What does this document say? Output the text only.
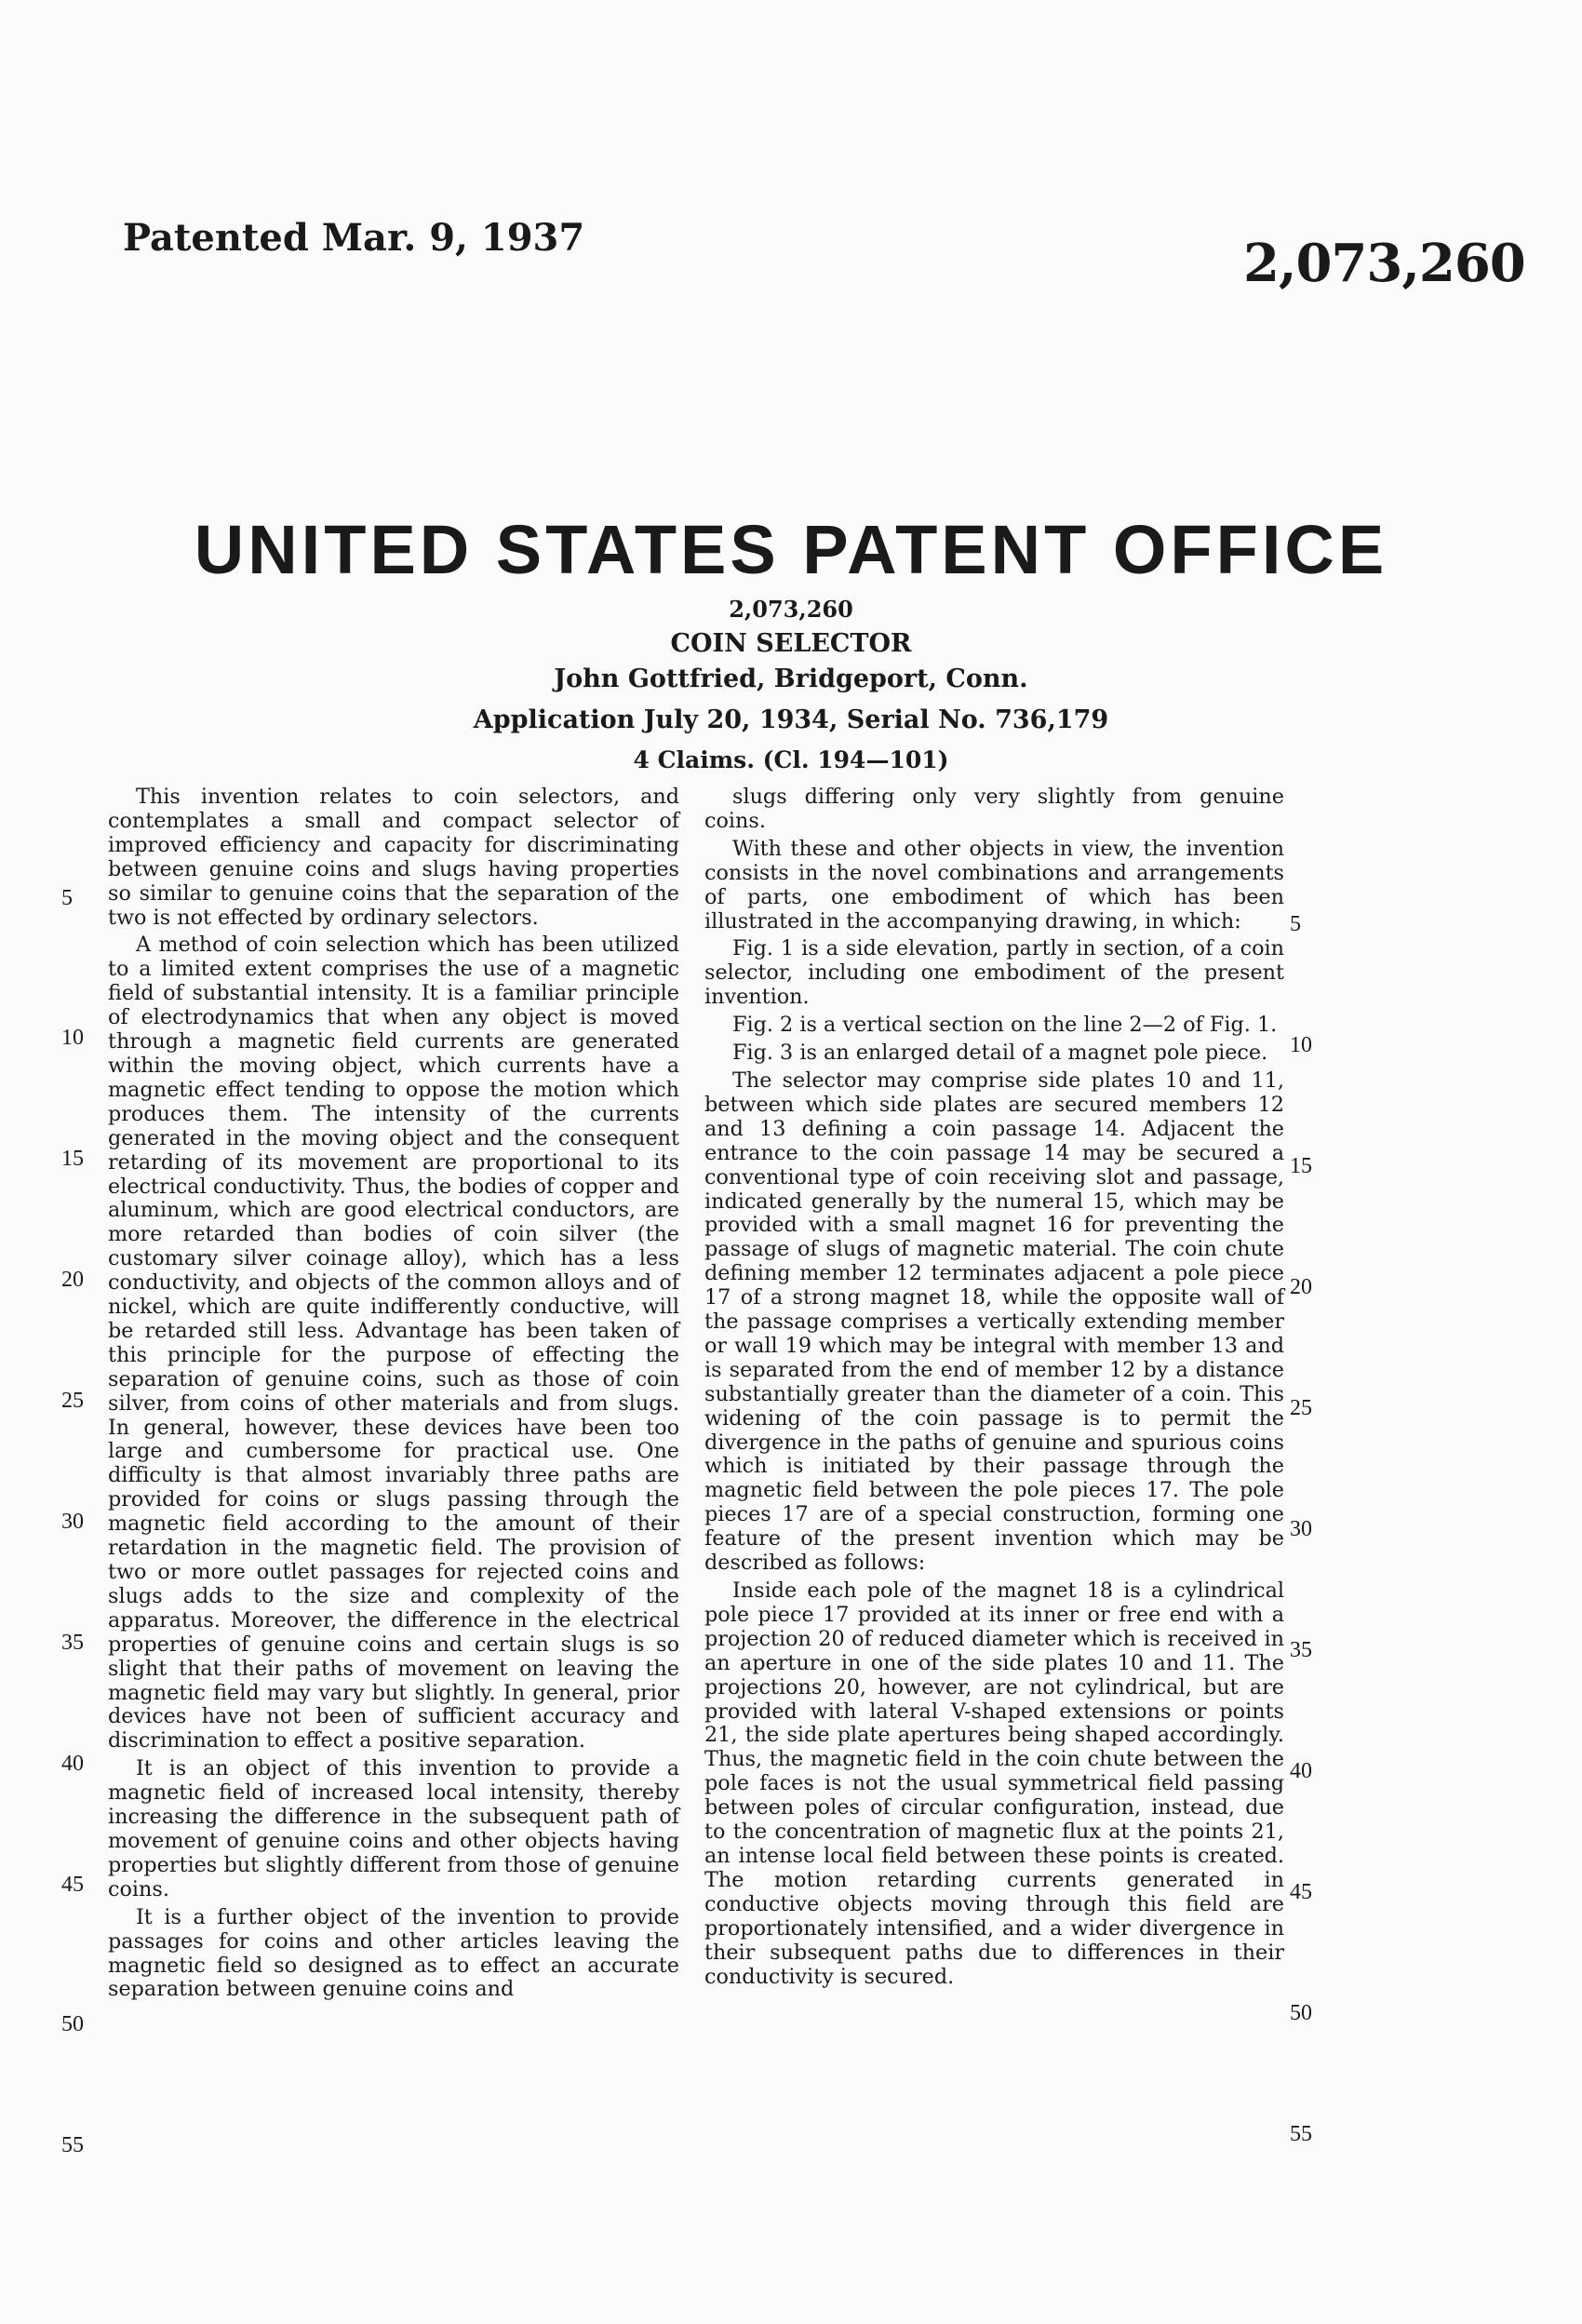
Patented Mar. 9, 1937	2,073,260
UNITED STATES PATENT OFFICE
2,073,260
COIN SELECTOR
John Gottfried, Bridgeport, Conn.
Application July 20, 1934, Serial No. 736,179
4 Claims. (Cl. 194—101)

This invention relates to coin selectors, and contemplates a small and compact selector of improved efficiency and capacity for discriminating between genuine coins and slugs having properties so similar to genuine coins that the separation of the two is not effected by ordinary selectors.

A method of coin selection which has been utilized to a limited extent comprises the use of a magnetic field of substantial intensity. It is a familiar principle of electrodynamics that when any object is moved through a magnetic field currents are generated within the moving object, which currents have a magnetic effect tending to oppose the motion which produces them. The intensity of the currents generated in the moving object and the consequent retarding of its movement are proportional to its electrical conductivity. Thus, the bodies of copper and aluminum, which are good electrical conductors, are more retarded than bodies of coin silver (the customary silver coinage alloy), which has a less conductivity, and objects of the common alloys and of nickel, which are quite indifferently conductive, will be retarded still less. Advantage has been taken of this principle for the purpose of effecting the separation of genuine coins, such as those of coin silver, from coins of other materials and from slugs. In general, however, these devices have been too large and cumbersome for practical use. One difficulty is that almost invariably three paths are provided for coins or slugs passing through the magnetic field according to the amount of their retardation in the magnetic field. The provision of two or more outlet passages for rejected coins and slugs adds to the size and complexity of the apparatus. Moreover, the difference in the electrical properties of genuine coins and certain slugs is so slight that their paths of movement on leaving the magnetic field may vary but slightly. In general, prior devices have not been of sufficient accuracy and discrimination to effect a positive separation.

It is an object of this invention to provide a magnetic field of increased local intensity, thereby increasing the difference in the subsequent path of movement of genuine coins and other objects having properties but slightly different from those of genuine coins.

It is a further object of the invention to provide passages for coins and other articles leaving the magnetic field so designed as to effect an accurate separation between genuine coins and

slugs differing only very slightly from genuine coins.

With these and other objects in view, the invention consists in the novel combinations and arrangements of parts, one embodiment of which has been illustrated in the accompanying drawing, in which:

Fig. 1 is a side elevation, partly in section, of a coin selector, including one embodiment of the present invention.

Fig. 2 is a vertical section on the line 2—2 of Fig. 1.

Fig. 3 is an enlarged detail of a magnet pole piece.

The selector may comprise side plates 10 and 11, between which side plates are secured members 12 and 13 defining a coin passage 14. Adjacent the entrance to the coin passage 14 may be secured a conventional type of coin receiving slot and passage, indicated generally by the numeral 15, which may be provided with a small magnet 16 for preventing the passage of slugs of magnetic material. The coin chute defining member 12 terminates adjacent a pole piece 17 of a strong magnet 18, while the opposite wall of the passage comprises a vertically extending member or wall 19 which may be integral with member 13 and is separated from the end of member 12 by a distance substantially greater than the diameter of a coin. This widening of the coin passage is to permit the divergence in the paths of genuine and spurious coins which is initiated by their passage through the magnetic field between the pole pieces 17. The pole pieces 17 are of a special construction, forming one feature of the present invention which may be described as follows:

Inside each pole of the magnet 18 is a cylindrical pole piece 17 provided at its inner or free end with a projection 20 of reduced diameter which is received in an aperture in one of the side plates 10 and 11. The projections 20, however, are not cylindrical, but are provided with lateral V-shaped extensions or points 21, the side plate apertures being shaped accordingly. Thus, the magnetic field in the coin chute between the pole faces is not the usual symmetrical field passing between poles of circular configuration, instead, due to the concentration of magnetic flux at the points 21, an intense local field between these points is created. The motion retarding currents generated in conductive objects moving through this field are proportionately intensified, and a wider divergence in their subsequent paths due to differences in their conductivity is secured.

5
10
15
20
25
30
35
40
45
50
55
5
10
15
20
25
30
35
40
45
50
55
